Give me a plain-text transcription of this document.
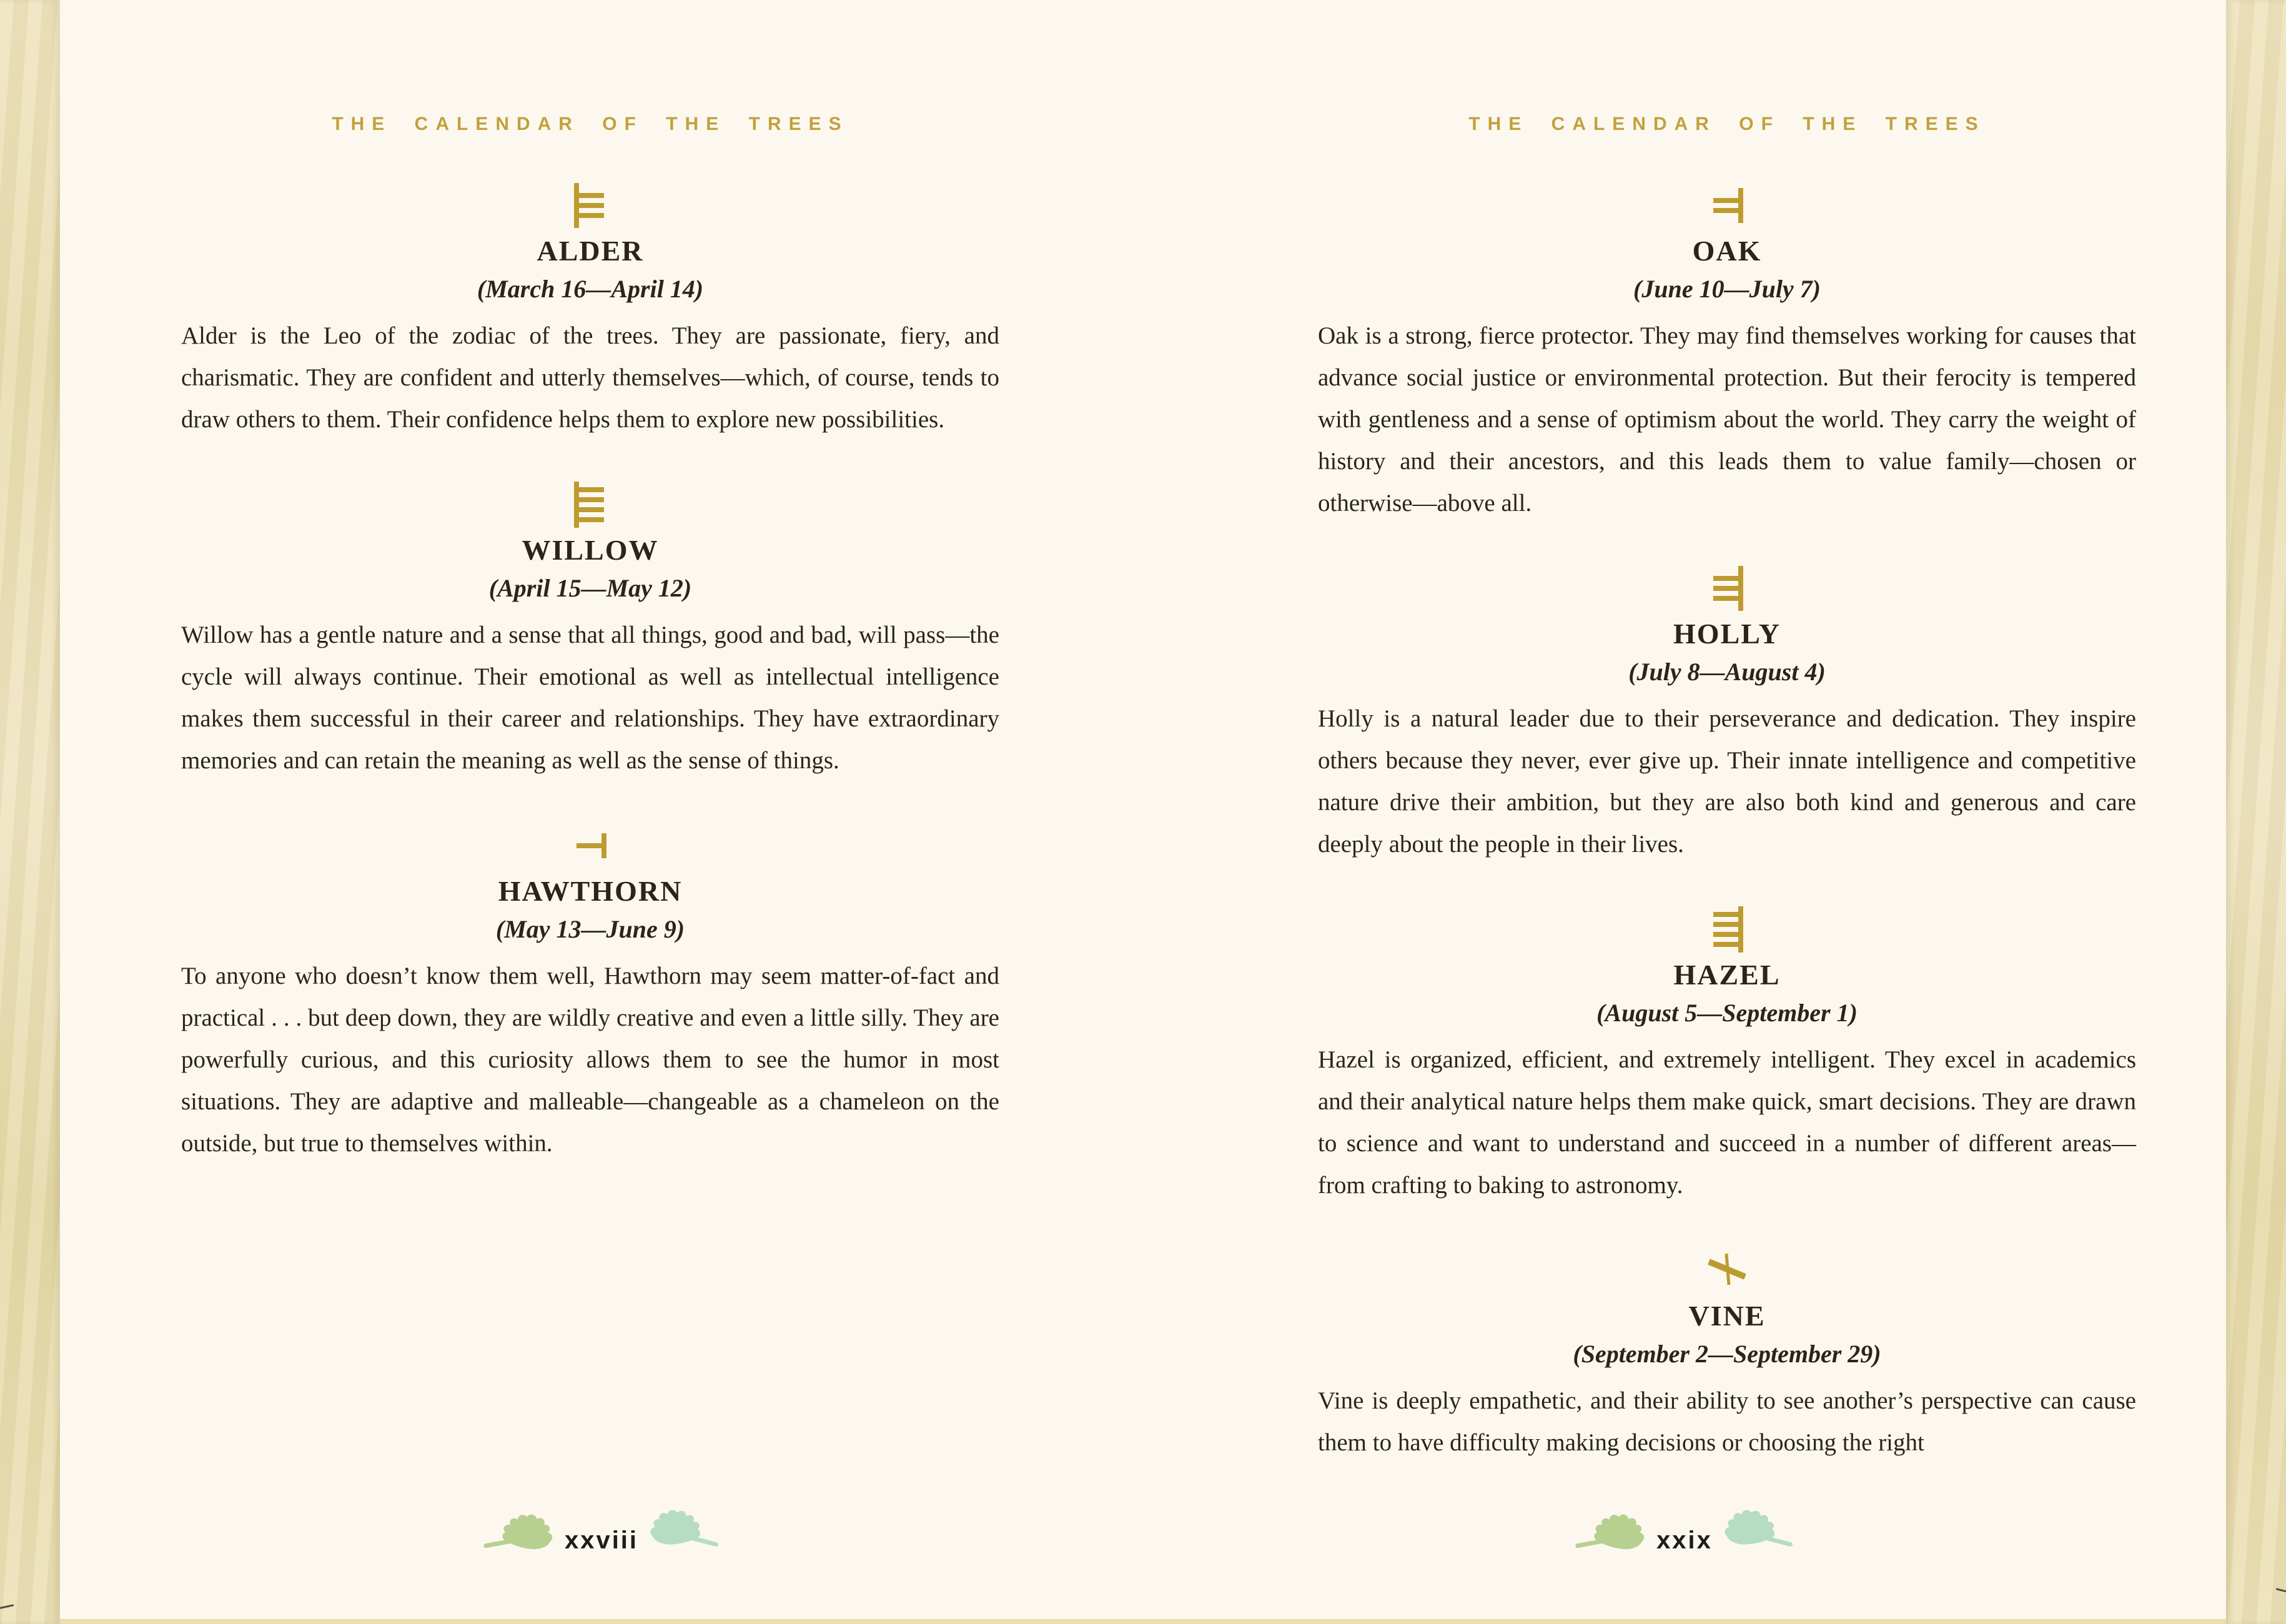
THE CALENDAR OF THE TREES
ALDER
(March 16—April 14)

Alder is the Leo of the zodiac of the trees. They are passionate, fiery, and charismatic. They are confident and utterly themselves—which, of course, tends to draw others to them. Their confidence helps them to explore new possibilities.

WILLOW
(April 15—May 12)

Willow has a gentle nature and a sense that all things, good and bad, will pass—the cycle will always continue. Their emotional as well as intellectual intelligence makes them successful in their career and relationships. They have extraordinary memories and can retain the meaning as well as the sense of things.

HAWTHORN
(May 13—June 9)

To anyone who doesn’t know them well, Hawthorn may seem matter-of-fact and practical . . . but deep down, they are wildly creative and even a little silly. They are powerfully curious, and this curiosity allows them to see the humor in most situations. They are adaptive and malleable—changeable as a chameleon on the outside, but true to themselves within.

xxviii
THE CALENDAR OF THE TREES
OAK
(June 10—July 7)

Oak is a strong, fierce protector. They may find themselves working for causes that advance social justice or environmental protection. But their ferocity is tempered with gentleness and a sense of optimism about the world. They carry the weight of history and their ancestors, and this leads them to value family—chosen or otherwise—above all.

HOLLY
(July 8—August 4)

Holly is a natural leader due to their perseverance and dedication. They inspire others because they never, ever give up. Their innate intelligence and competitive nature drive their ambition, but they are also both kind and generous and care deeply about the people in their lives.

HAZEL
(August 5—September 1)

Hazel is organized, efficient, and extremely intelligent. They excel in academics and their analytical nature helps them make quick, smart decisions. They are drawn to science and want to understand and succeed in a number of different areas—from crafting to baking to astronomy.

VINE
(September 2—September 29)

Vine is deeply empathetic, and their ability to see another’s perspective can cause them to have difficulty making decisions or choosing the right

xxix
